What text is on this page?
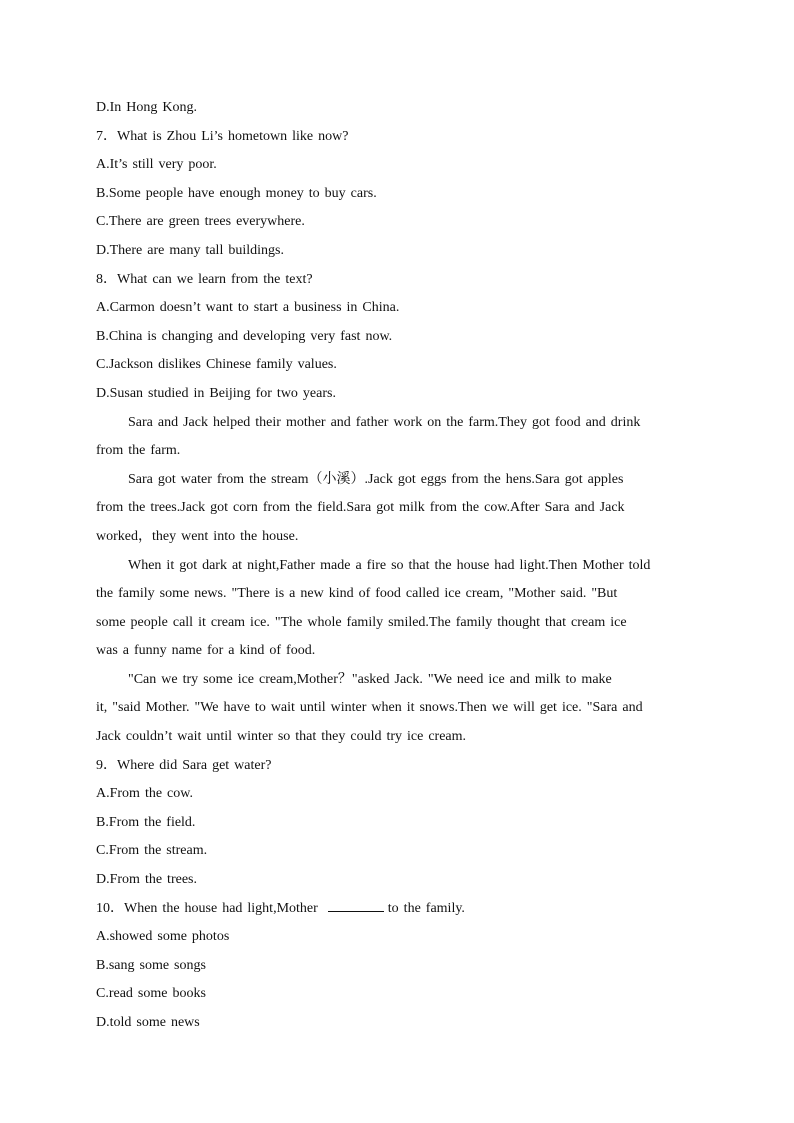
D.In Hong Kong.
7．What is Zhou Li’s hometown like now?
A.It’s still very poor.
B.Some people have enough money to buy cars.
C.There are green trees everywhere.
D.There are many tall buildings.
8．What can we learn from the text?
A.Carmon doesn’t want to start a business in China.
B.China is changing and developing very fast now.
C.Jackson dislikes Chinese family values.
D.Susan studied in Beijing for two years.
Sara and Jack helped their mother and father work on the farm.They got food and drink
from the farm.
Sara got water from the stream（小溪）.Jack got eggs from the hens.Sara got apples
from the trees.Jack got corn from the field.Sara got milk from the cow.After Sara and Jack
worked，they went into the house.
When it got dark at night,Father made a fire so that the house had light.Then Mother told
the family some news. "There is a new kind of food called ice cream, "Mother said. "But
some people call it cream ice. "The whole family smiled.The family thought that cream ice
was a funny name for a kind of food.
"Can we try some ice cream,Mother？"asked Jack. "We need ice and milk to make
it, "said Mother. "We have to wait until winter when it snows.Then we will get ice. "Sara and
Jack couldn’t wait until winter so that they could try ice cream.
9．Where did Sara get water?
A.From the cow.
B.From the field.
C.From the stream.
D.From the trees.
10．When the house had light,Mother	to the family.
A.showed some photos
B.sang some songs
C.read some books
D.told some news
